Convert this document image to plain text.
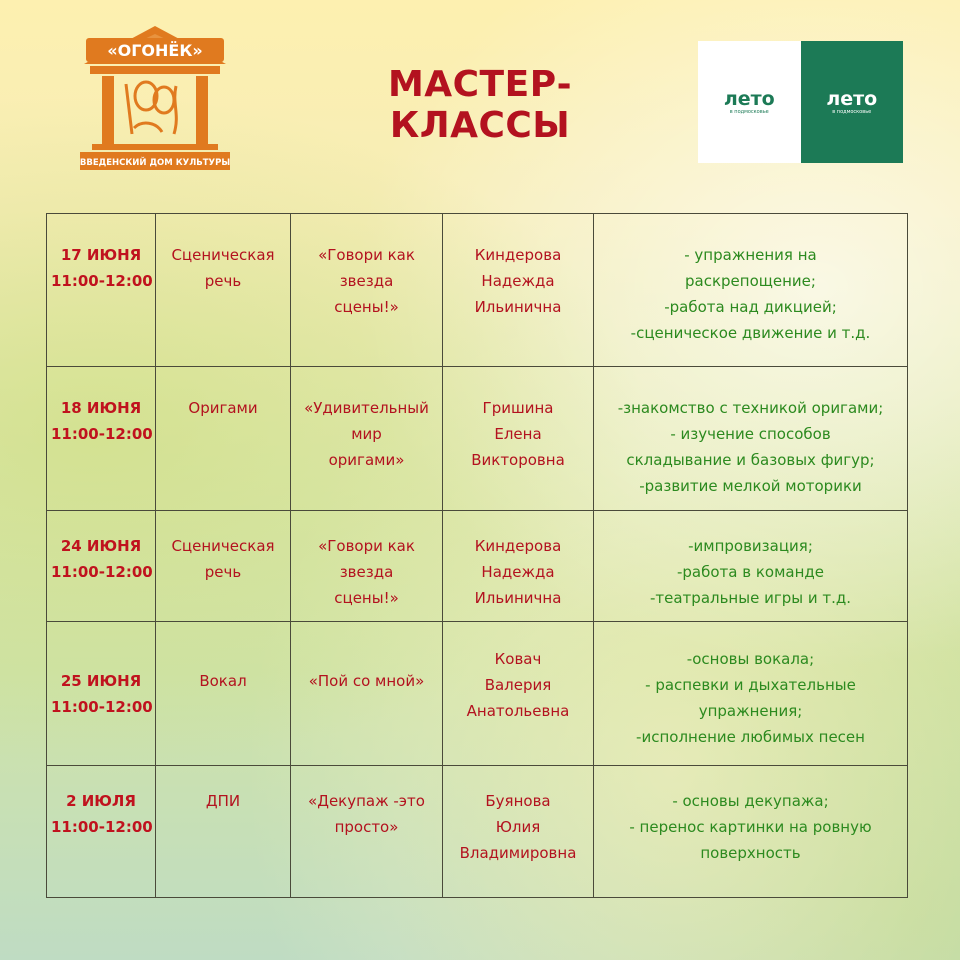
«ОГОНЁК»
ВВЕДЕНСКИЙ ДОМ КУЛЬТУРЫ
МАСТЕР-КЛАССЫ
лето
в подмосковье
лето
в подмосковье
17 ИЮНЯ
11:00-12:00	Сценическая
речь	«Говори как
звезда
сцены!»	Киндерова
Надежда
Ильинична	- упражнения на
раскрепощение;
-работа над дикцией;
-сценическое движение и т.д.

18 ИЮНЯ
11:00-12:00	Оригами	«Удивительный
мир
оригами»	Гришина
Елена
Викторовна	-знакомство с техникой оригами;
- изучение способов
складывание и базовых фигур;
-развитие мелкой моторики

24 ИЮНЯ
11:00-12:00	Сценическая
речь	«Говори как
звезда
сцены!»	Киндерова
Надежда
Ильинична	-импровизация;
-работа в команде
-театральные игры и т.д.

25 ИЮНЯ
11:00-12:00	Вокал	«Пой со мной»	Ковач
Валерия
Анатольевна	-основы вокала;
- распевки и дыхательные
упражнения;
-исполнение любимых песен

2 ИЮЛЯ
11:00-12:00	ДПИ	«Декупаж -это
просто»	Буянова
Юлия
Владимировна	- основы декупажа;
- перенос картинки на ровную
поверхность
